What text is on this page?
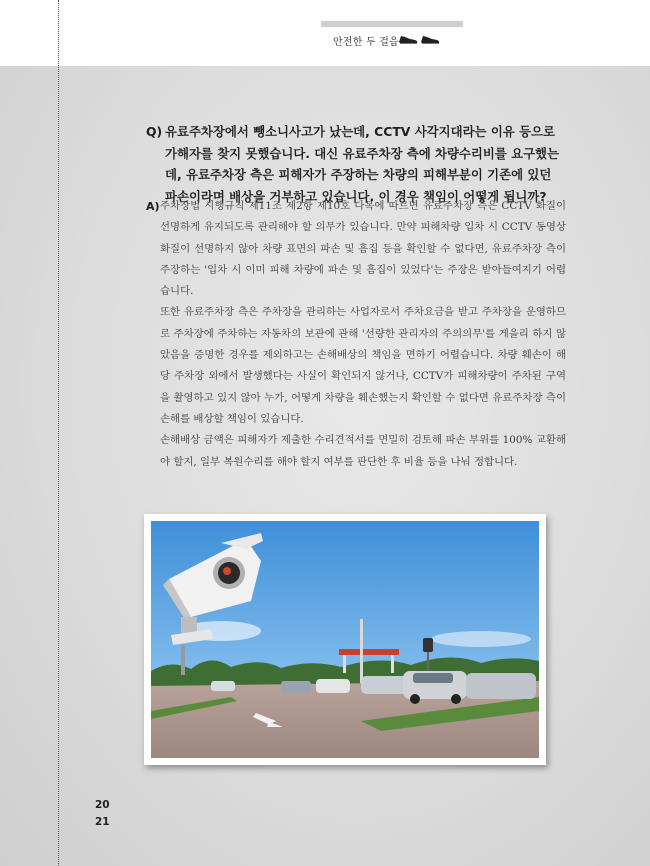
안전한 두 걸음
Q) 유료주차장에서 뺑소니사고가 났는데, CCTV 사각지대라는 이유 등으로 가해자를 찾지 못했습니다. 대신 유료주차장 측에 차량수리비를 요구했는데, 유료주차장 측은 피해자가 주장하는 차량의 피해부분이 기존에 있던 파손이라며 배상을 거부하고 있습니다. 이 경우 책임이 어떻게 됩니까?
A) 주차장법 시행규칙 제11조 제2항 제10호 다목에 따르면 유료주차장 측은 CCTV 화질이 선명하게 유지되도록 관리해야 할 의무가 있습니다. 만약 피해차량 입차 시 CCTV 동영상 화질이 선명하지 않아 차량 표면의 파손 및 흠집 등을 확인할 수 없다면, 유료주차장 측이 주장하는 '입차 시 이미 피해 차량에 파손 및 흠집이 있었다'는 주장은 받아들여지기 어렵습니다.

또한 유료주차장 측은 주차장을 관리하는 사업자로서 주차요금을 받고 주차장을 운영하므로 주차장에 주차하는 자동차의 보관에 관해 '선량한 관리자의 주의의무'를 게을리 하지 않았음을 증명한 경우를 제외하고는 손해배상의 책임을 면하기 어렵습니다. 차량 훼손이 해당 주차장 외에서 발생했다는 사실이 확인되지 않거나, CCTV가 피해차량이 주차된 구역을 촬영하고 있지 않아 누가, 어떻게 차량을 훼손했는지 확인할 수 없다면 유료주차장 측이 손해를 배상할 책임이 있습니다.

손해배상 금액은 피해자가 제출한 수리견적서를 면밀히 검토해 파손 부위를 100% 교환해야 할지, 일부 복원수리를 해야 할지 여부를 판단한 후 비율 등을 나눠 정합니다.

20
21
